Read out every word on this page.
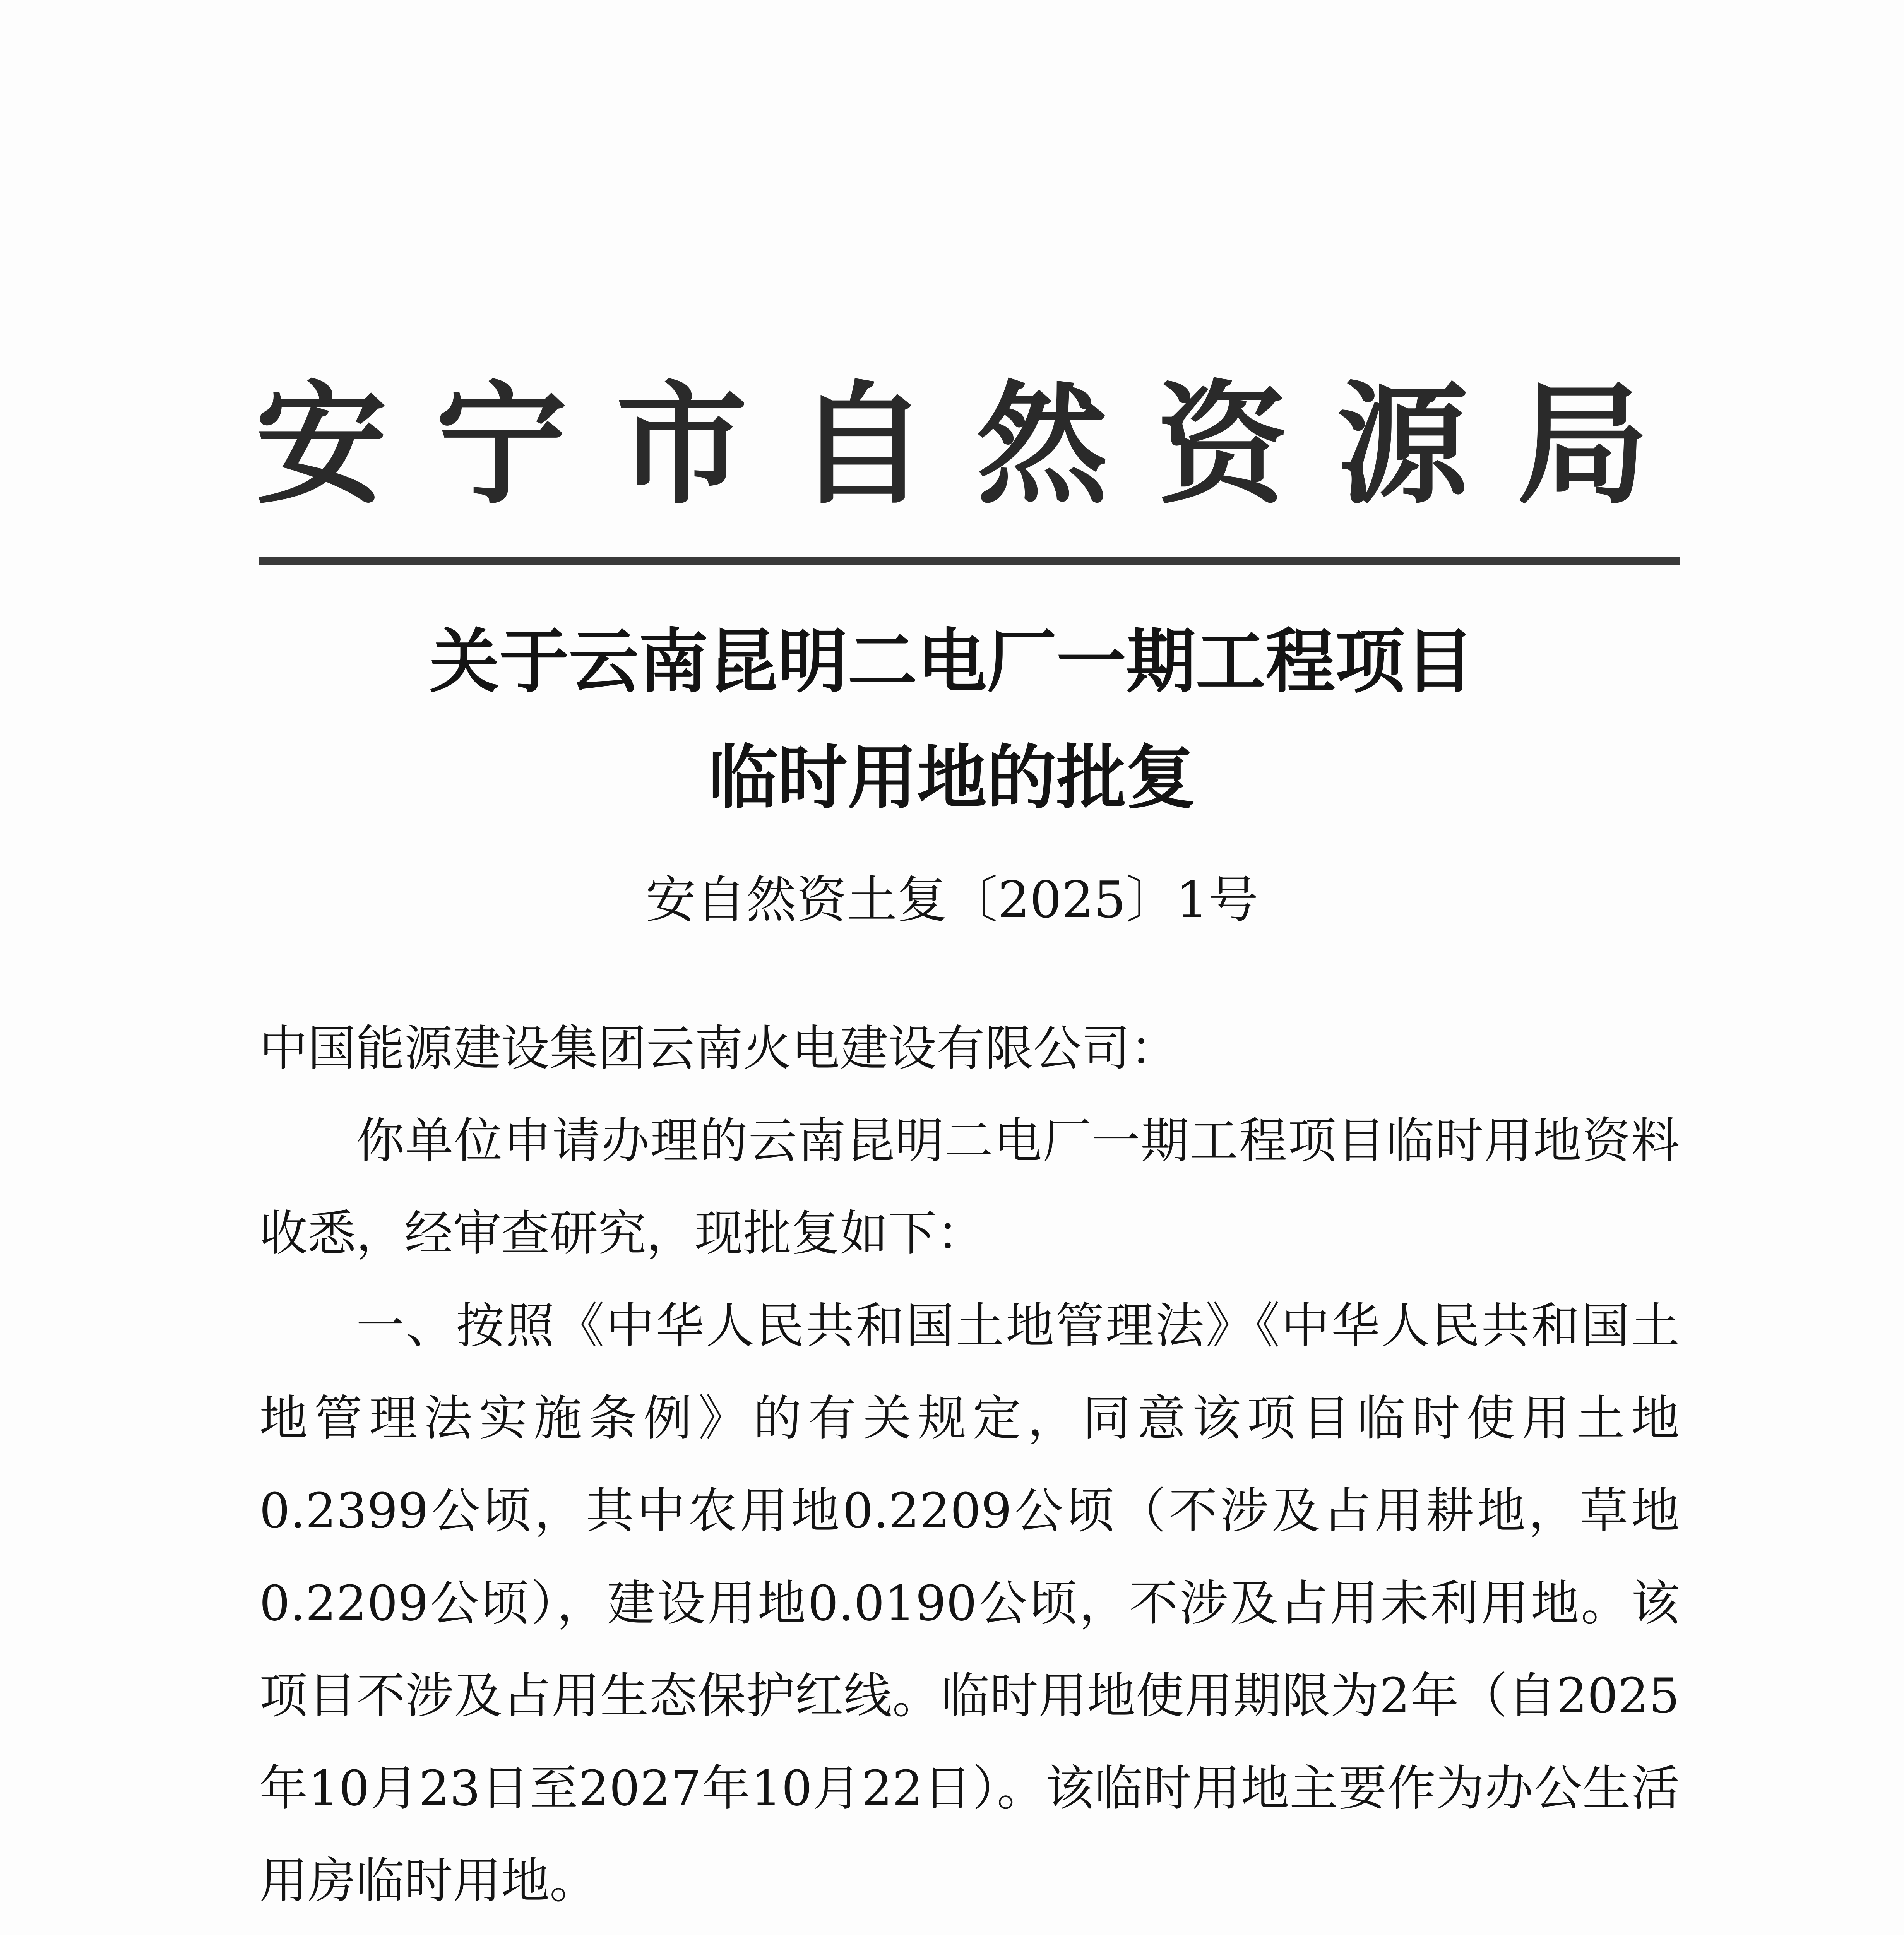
安 宁 市 自 然 资 源 局
关于云南昆明二电厂一期工程项目
临时用地的批复
安自然资土复〔2025〕1号

中国能源建设集团云南火电建设有限公司：

你单位申请办理的云南昆明二电厂一期工程项目临时用地资料收悉，经审查研究，现批复如下：

一、按照《中华人民共和国土地管理法》《中华人民共和国土地管理法实施条例》的有关规定，同意该项目临时使用土地0.2399公顷，其中农用地0.2209公顷（不涉及占用耕地，草地0.2209公顷），建设用地0.0190公顷，不涉及占用未利用地。该项目不涉及占用生态保护红线。临时用地使用期限为2年（自2025年10月23日至2027年10月22日）。该临时用地主要作为办公生活用房临时用地。
